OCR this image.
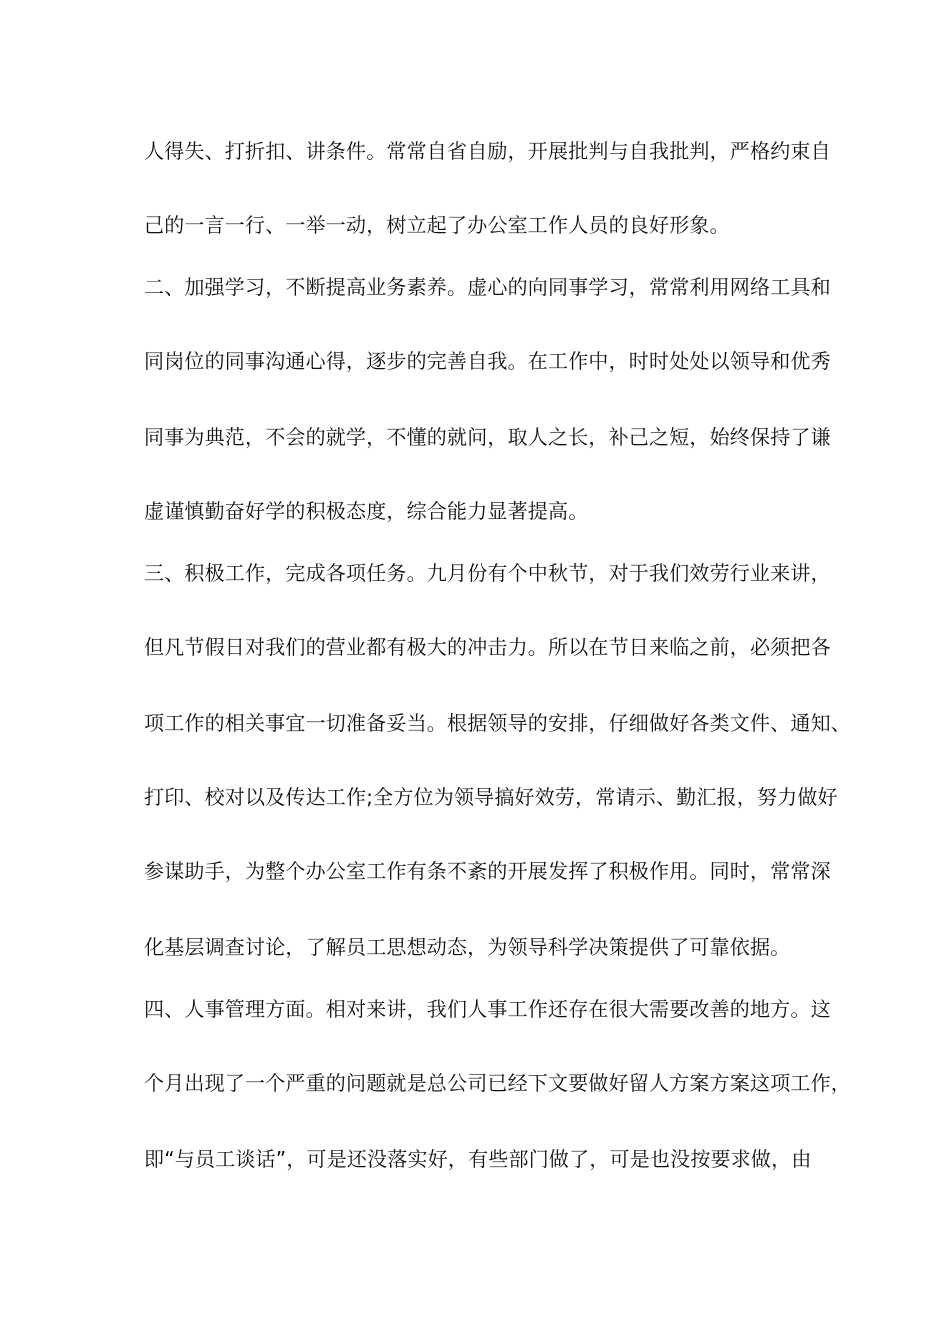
人得失、打折扣、讲条件。常常自省自励，开展批判与自我批判，严格约束自
己的一言一行、一举一动，树立起了办公室工作人员的良好形象。
二、加强学习，不断提高业务素养。虚心的向同事学习，常常利用网络工具和
同岗位的同事沟通心得，逐步的完善自我。在工作中，时时处处以领导和优秀
同事为典范，不会的就学，不懂的就问，取人之长，补己之短，始终保持了谦
虚谨慎勤奋好学的积极态度，综合能力显著提高。
三、积极工作，完成各项任务。九月份有个中秋节，对于我们效劳行业来讲，
但凡节假日对我们的营业都有极大的冲击力。所以在节日来临之前，必须把各
项工作的相关事宜一切准备妥当。根据领导的安排，仔细做好各类文件、通知、
打印、校对以及传达工作;全方位为领导搞好效劳，常请示、勤汇报，努力做好
参谋助手，为整个办公室工作有条不紊的开展发挥了积极作用。同时，常常深
化基层调查讨论，了解员工思想动态，为领导科学决策提供了可靠依据。
四、人事管理方面。相对来讲，我们人事工作还存在很大需要改善的地方。这
个月出现了一个严重的问题就是总公司已经下文要做好留人方案方案这项工作，
即“与员工谈话”，可是还没落实好，有些部门做了，可是也没按要求做，由
